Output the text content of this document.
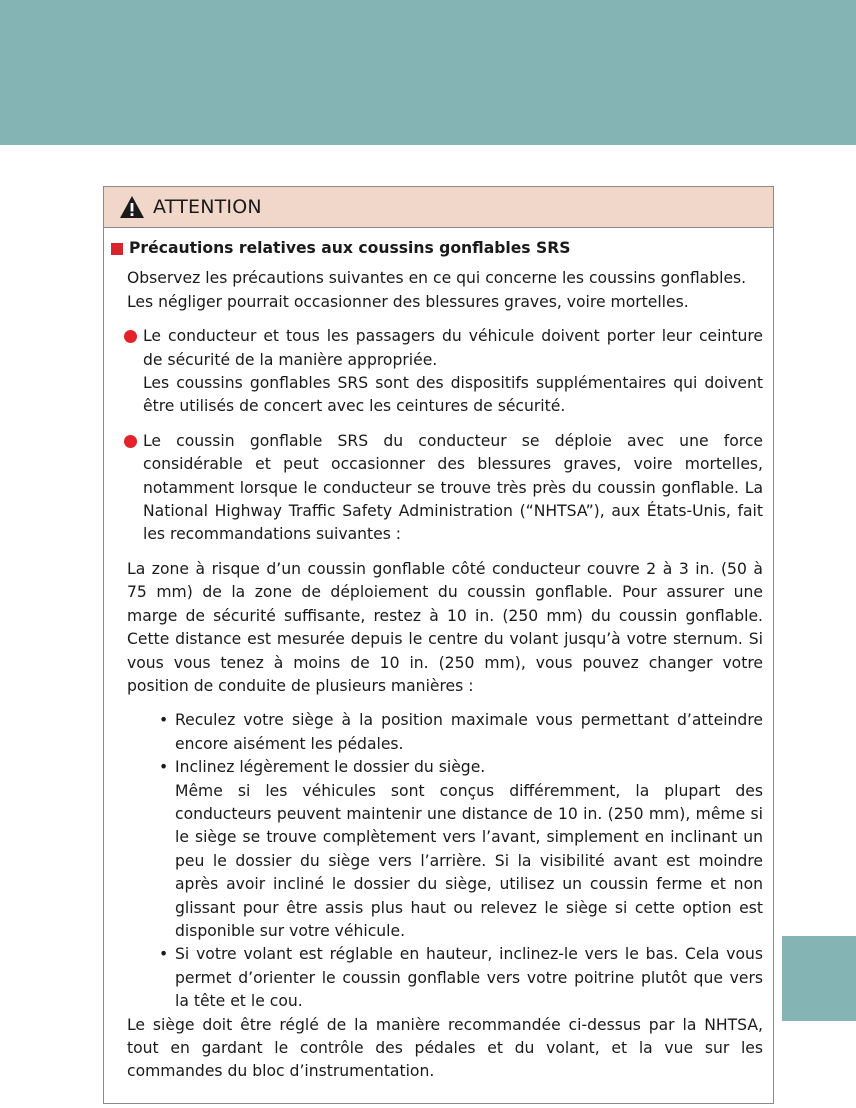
ATTENTION
Précautions relatives aux coussins gonflables SRS
Observez les précautions suivantes en ce qui concerne les coussins gonflables.
Les négliger pourrait occasionner des blessures graves, voire mortelles.
Le conducteur et tous les passagers du véhicule doivent porter leur ceinture de sécurité de la manière appropriée.
Les coussins gonflables SRS sont des dispositifs supplémentaires qui doivent être utilisés de concert avec les ceintures de sécurité.
Le coussin gonflable SRS du conducteur se déploie avec une force considérable et peut occasionner des blessures graves, voire mortelles, notamment lorsque le conducteur se trouve très près du coussin gonflable. La National Highway Traffic Safety Administration (“NHTSA”), aux États-Unis, fait les recommandations suivantes :
La zone à risque d’un coussin gonflable côté conducteur couvre 2 à 3 in. (50 à 75 mm) de la zone de déploiement du coussin gonflable. Pour assurer une marge de sécurité suffisante, restez à 10 in. (250 mm) du coussin gonflable. Cette distance est mesurée depuis le centre du volant jusqu’à votre sternum. Si vous vous tenez à moins de 10 in. (250 mm), vous pouvez changer votre position de conduite de plusieurs manières :
• Reculez votre siège à la position maximale vous permettant d’atteindre encore aisément les pédales.
• Inclinez légèrement le dossier du siège.
Même si les véhicules sont conçus différemment, la plupart des conducteurs peuvent maintenir une distance de 10 in. (250 mm), même si le siège se trouve complètement vers l’avant, simplement en inclinant un peu le dossier du siège vers l’arrière. Si la visibilité avant est moindre après avoir incliné le dossier du siège, utilisez un coussin ferme et non glissant pour être assis plus haut ou relevez le siège si cette option est disponible sur votre véhicule.
• Si votre volant est réglable en hauteur, inclinez-le vers le bas. Cela vous permet d’orienter le coussin gonflable vers votre poitrine plutôt que vers la tête et le cou.
Le siège doit être réglé de la manière recommandée ci-dessus par la NHTSA, tout en gardant le contrôle des pédales et du volant, et la vue sur les commandes du bloc d’instrumentation.
